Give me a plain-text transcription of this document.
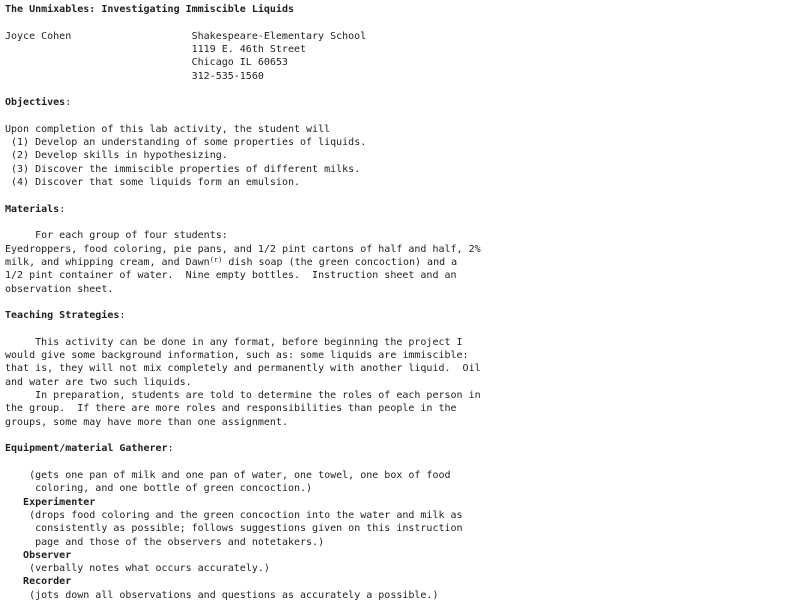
The Unmixables: Investigating Immiscible Liquids
Joyce Cohen	Shakespeare-Elementary School
1119 E. 46th Street
Chicago IL 60653
312-535-1560
Objectives:
Upon completion of this lab activity, the student will
(1) Develop an understanding of some properties of liquids.
(2) Develop skills in hypothesizing.
(3) Discover the immiscible properties of different milks.
(4) Discover that some liquids form an emulsion.
Materials:
For each group of four students:
Eyedroppers, food coloring, pie pans, and 1/2 pint cartons of half and half, 2%
milk, and whipping cream, and Dawn$^{(r)}$ dish soap (the green concoction) and a
1/2 pint container of water.  Nine empty bottles.  Instruction sheet and an
observation sheet.
Teaching Strategies:
This activity can be done in any format, before beginning the project I
would give some background information, such as: some liquids are immiscible:
that is, they will not mix completely and permanently with another liquid.  Oil
and water are two such liquids.
In preparation, students are told to determine the roles of each person in
the group.  If there are more roles and responsibilities than people in the
groups, some may have more than one assignment.
Equipment/material Gatherer:
(gets one pan of milk and one pan of water, one towel, one box of food
coloring, and one bottle of green concoction.)
Experimenter
(drops food coloring and the green concoction into the water and milk as
consistently as possible; follows suggestions given on this instruction
page and those of the observers and notetakers.)
Observer
(verbally notes what occurs accurately.)
Recorder
(jots down all observations and questions as accurately a possible.)
